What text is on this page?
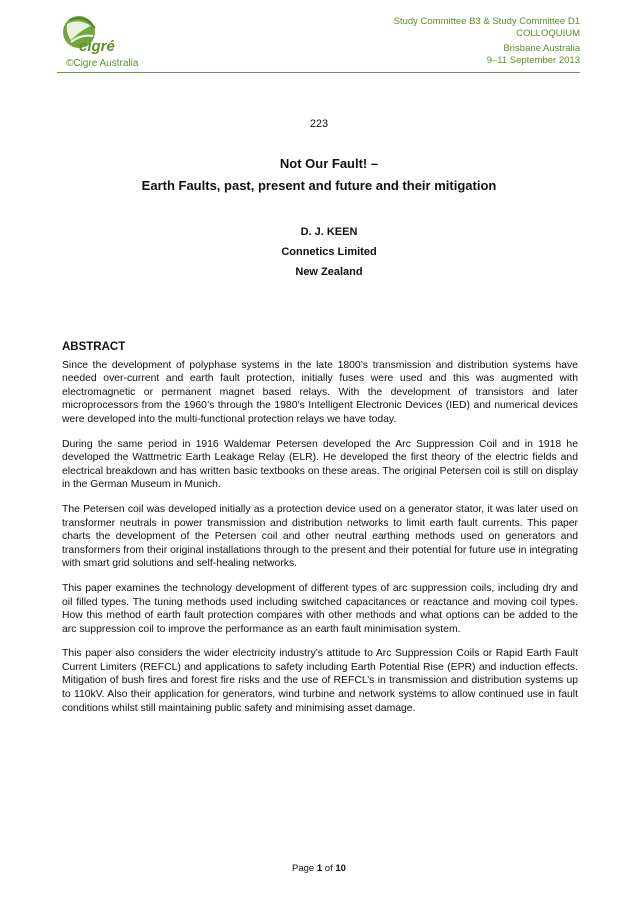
cigré
©Cigre Australia
Study Committee B3 & Study Committee D1
COLLOQUIUM
Brisbane Australia
9–11 September 2013
223
Not Our Fault! –
Earth Faults, past, present and future and their mitigation
D. J. KEEN
Connetics Limited
New Zealand
ABSTRACT

Since the development of polyphase systems in the late 1800’s transmission and distribution systems have needed over-current and earth fault protection, initially fuses were used and this was augmented with electromagnetic or permanent magnet based relays. With the development of transistors and later microprocessors from the 1960’s through the 1980’s Intelligent Electronic Devices (IED) and numerical devices were developed into the multi-functional protection relays we have today.

During the same period in 1916 Waldemar Petersen developed the Arc Suppression Coil and in 1918 he developed the Wattmetric Earth Leakage Relay (ELR). He developed the first theory of the electric fields and electrical breakdown and has written basic textbooks on these areas. The original Petersen coil is still on display in the German Museum in Munich.

The Petersen coil was developed initially as a protection device used on a generator stator, it was later used on transformer neutrals in power transmission and distribution networks to limit earth fault currents. This paper charts the development of the Petersen coil and other neutral earthing methods used on generators and transformers from their original installations through to the present and their potential for future use in integrating with smart grid solutions and self-healing networks.

This paper examines the technology development of different types of arc suppression coils, including dry and oil filled types. The tuning methods used including switched capacitances or reactance and moving coil types. How this method of earth fault protection compares with other methods and what options can be added to the arc suppression coil to improve the performance as an earth fault minimisation system.

This paper also considers the wider electricity industry’s attitude to Arc Suppression Coils or Rapid Earth Fault Current Limiters (REFCL) and applications to safety including Earth Potential Rise (EPR) and induction effects. Mitigation of bush fires and forest fire risks and the use of REFCL’s in transmission and distribution systems up to 110kV. Also their application for generators, wind turbine and network systems to allow continued use in fault conditions whilst still maintaining public safety and minimising asset damage.

Page 1 of 10
